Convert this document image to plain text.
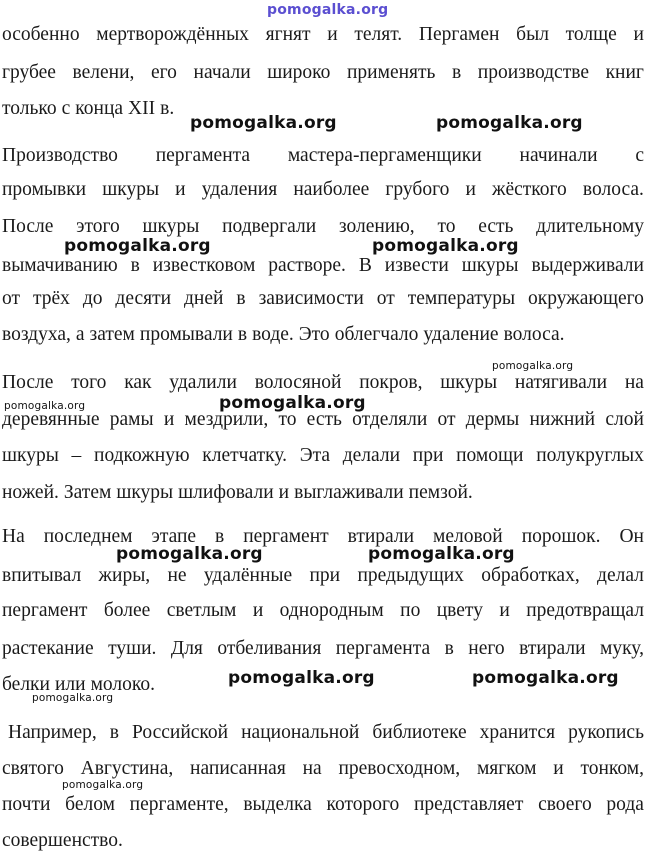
особенно мертворождённых ягнят и телят. Пергамен был толще и
грубее велени, его начали широко применять в производстве книг
только с конца XII в.
Производство пергамента мастера-пергаменщики начинали с
промывки шкуры и удаления наиболее грубого и жёсткого волоса.
После этого шкуры подвергали золению, то есть длительному
вымачиванию в известковом растворе. В извести шкуры выдерживали
от трёх до десяти дней в зависимости от температуры окружающего
воздуха, а затем промывали в воде. Это облегчало удаление волоса.
После того как удалили волосяной покров, шкуры натягивали на
деревянные рамы и мездрили, то есть отделяли от дермы нижний слой
шкуры – подкожную клетчатку. Эта делали при помощи полукруглых
ножей. Затем шкуры шлифовали и выглаживали пемзой.
На последнем этапе в пергамент втирали меловой порошок. Он
впитывал жиры, не удалённые при предыдущих обработках, делал
пергамент более светлым и однородным по цвету и предотвращал
растекание туши. Для отбеливания пергамента в него втирали муку,
белки или молоко.
Например, в Российской национальной библиотеке хранится рукопись
святого Августина, написанная на превосходном, мягком и тонком,
почти белом пергаменте, выделка которого представляет своего рода
совершенство.
pomogalka.org
pomogalka.org	pomogalka.org
pomogalka.org	pomogalka.org
pomogalka.org
pomogalka.org	pomogalka.org
pomogalka.org	pomogalka.org
pomogalka.org	pomogalka.org
pomogalka.org
pomogalka.org
